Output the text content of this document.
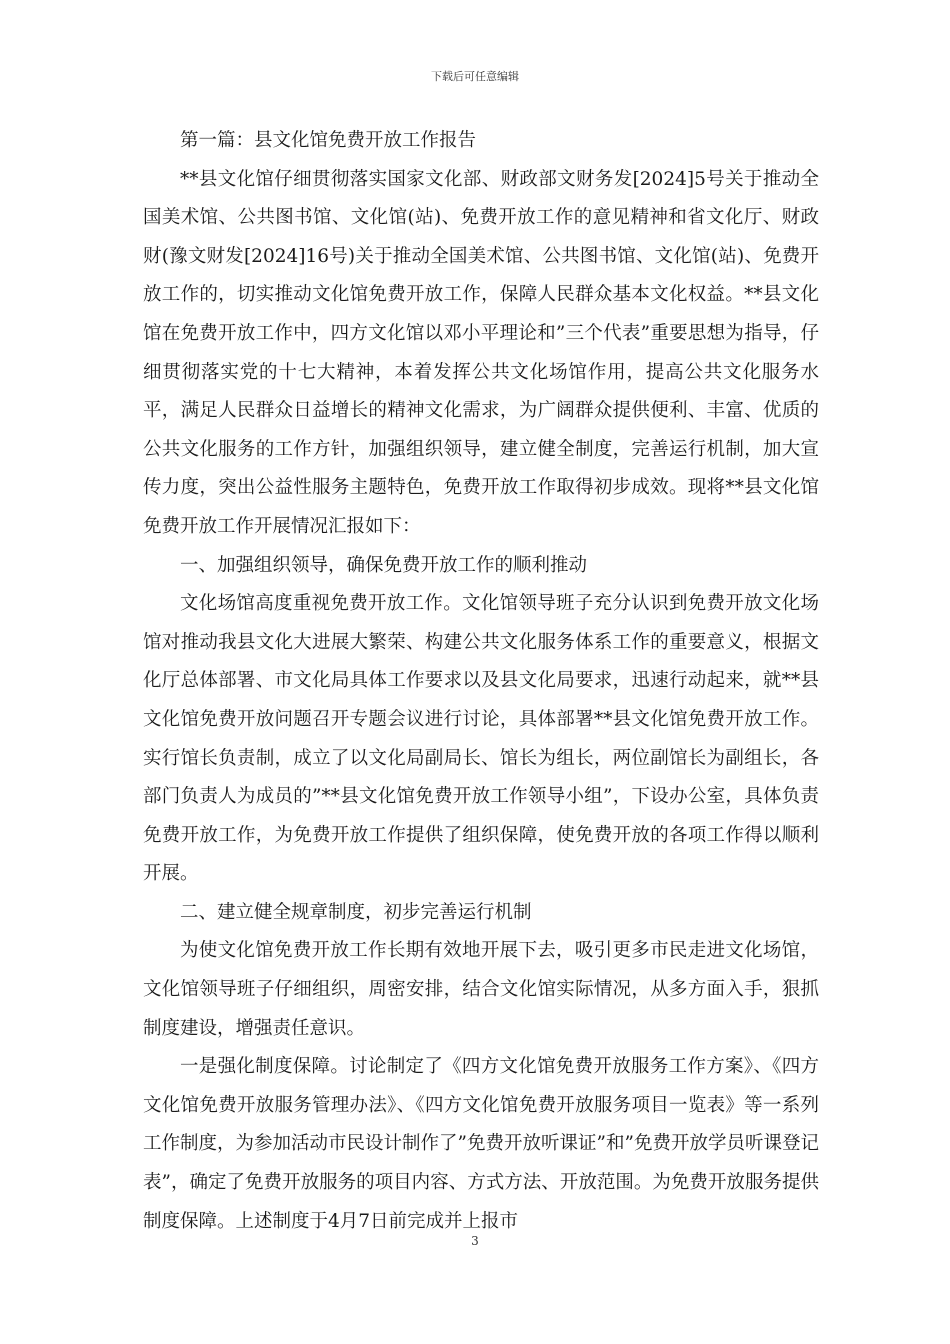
下载后可任意编辑

第一篇：县文化馆免费开放工作报告

**县文化馆仔细贯彻落实国家文化部、财政部文财务发[2024]5号关于推动全国美术馆、公共图书馆、文化馆(站)、免费开放工作的意见精神和省文化厅、财政财(豫文财发[2024]16号)关于推动全国美术馆、公共图书馆、文化馆(站)、免费开放工作的，切实推动文化馆免费开放工作，保障人民群众基本文化权益。**县文化馆在免费开放工作中，四方文化馆以邓小平理论和”三个代表”重要思想为指导，仔细贯彻落实党的十七大精神，本着发挥公共文化场馆作用，提高公共文化服务水平，满足人民群众日益增长的精神文化需求，为广阔群众提供便利、丰富、优质的公共文化服务的工作方针，加强组织领导，建立健全制度，完善运行机制，加大宣传力度，突出公益性服务主题特色，免费开放工作取得初步成效。现将**县文化馆免费开放工作开展情况汇报如下：

一、加强组织领导，确保免费开放工作的顺利推动

文化场馆高度重视免费开放工作。文化馆领导班子充分认识到免费开放文化场馆对推动我县文化大进展大繁荣、构建公共文化服务体系工作的重要意义，根据文化厅总体部署、市文化局具体工作要求以及县文化局要求，迅速行动起来，就**县文化馆免费开放问题召开专题会议进行讨论，具体部署**县文化馆免费开放工作。实行馆长负责制，成立了以文化局副局长、馆长为组长，两位副馆长为副组长，各部门负责人为成员的”**县文化馆免费开放工作领导小组”，下设办公室，具体负责免费开放工作，为免费开放工作提供了组织保障，使免费开放的各项工作得以顺利开展。

二、建立健全规章制度，初步完善运行机制

为使文化馆免费开放工作长期有效地开展下去，吸引更多市民走进文化场馆，文化馆领导班子仔细组织，周密安排，结合文化馆实际情况，从多方面入手，狠抓制度建设，增强责任意识。

一是强化制度保障。讨论制定了《四方文化馆免费开放服务工作方案》、《四方文化馆免费开放服务管理办法》、《四方文化馆免费开放服务项目一览表》等一系列工作制度，为参加活动市民设计制作了”免费开放听课证”和”免费开放学员听课登记表”，确定了免费开放服务的项目内容、方式方法、开放范围。为免费开放服务提供制度保障。上述制度于4月7日前完成并上报市

3
